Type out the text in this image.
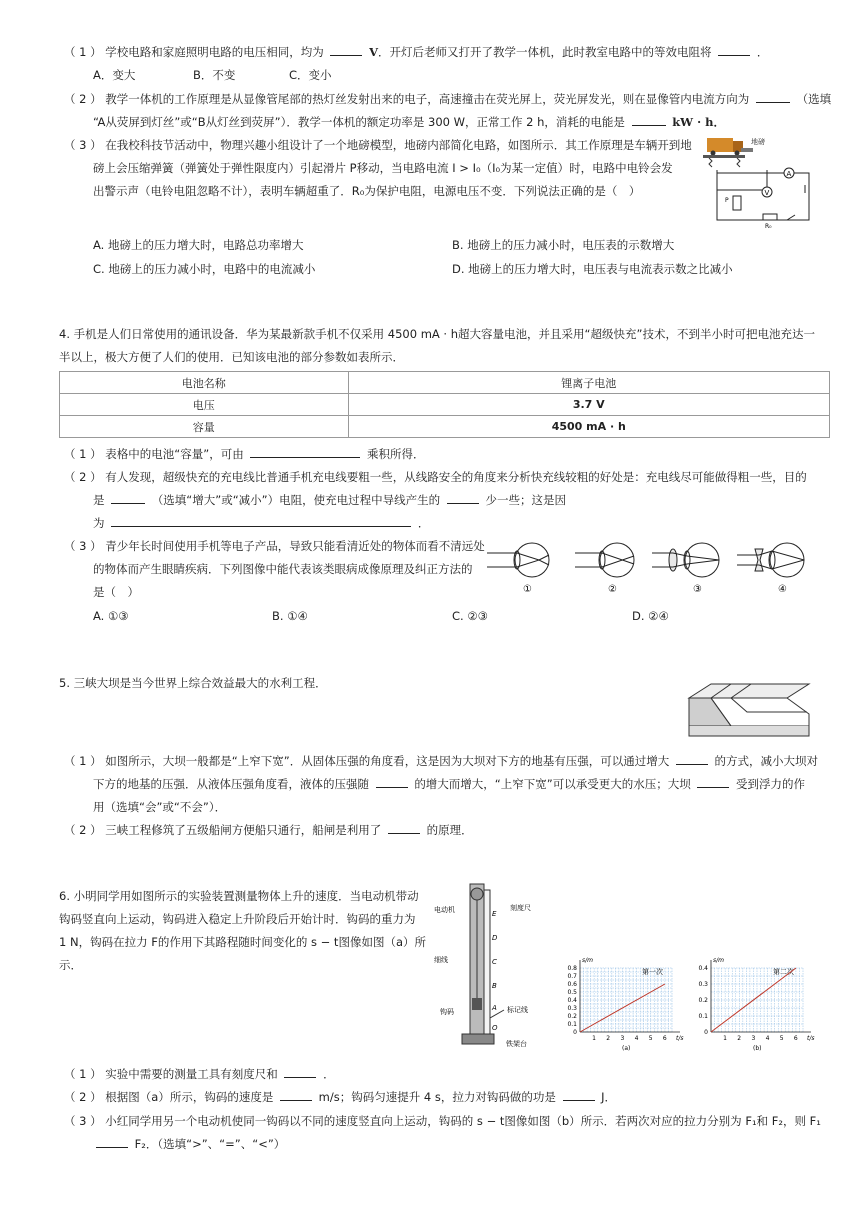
（ 1 ） 学校电路和家庭照明电路的电压相同，均为	V．开灯后老师又打开了教学一体机，此时教室电路中的等效电阻将	．
A．变大	B．不变	C．变小
（ 2 ） 教学一体机的工作原理是从显像管尾部的热灯丝发射出来的电子，高速撞击在荧光屏上，荧光屏发光，则在显像管内电流方向为	（选填
“A从荧屏到灯丝”或“B从灯丝到荧屏”）．教学一体机的额定功率是 300 W，正常工作 2 h，消耗的电能是	kW · h．
（ 3 ） 在我校科技节活动中，物理兴趣小组设计了一个地磅模型，地磅内部简化电路，如图所示．其工作原理是车辆开到地
磅上会压缩弹簧（弹簧处于弹性限度内）引起滑片 P移动，当电路电流 I > I₀（I₀为某一定值）时，电路中电铃会发
出警示声（电铃电阻忽略不计），表明车辆超重了．R₀为保护电阻，电源电压不变．下列说法正确的是（　）
地磅
A
V
P
R₀
A. 地磅上的压力增大时，电路总功率增大	B. 地磅上的压力减小时，电压表的示数增大
C. 地磅上的压力减小时，电路中的电流减小	D. 地磅上的压力增大时，电压表与电流表示数之比减小
4. 手机是人们日常使用的通讯设备．华为某最新款手机不仅采用 4500 mA · h超大容量电池，并且采用“超级快充”技术，不到半小时可把电池充达一
半以上，极大方便了人们的使用．已知该电池的部分参数如表所示．
电池名称	锂离子电池
电压	3.7 V
容量	4500 mA · h
（ 1 ） 表格中的电池“容量”，可由	乘积所得．
（ 2 ） 有人发现，超级快充的充电线比普通手机充电线要粗一些，从线路安全的角度来分析快充线较粗的好处是：充电线尽可能做得粗一些，目的
是	（选填“增大”或“减小”）电阻，使充电过程中导线产生的	少一些；这是因
为	．
（ 3 ） 青少年长时间使用手机等电子产品，导致只能看清近处的物体而看不清远处
的物体而产生眼睛疾病．下列图像中能代表该类眼病成像原理及纠正方法的
是（　）	①	②	③	④
A. ①③	B. ①④	C. ②③	D. ②④
5. 三峡大坝是当今世界上综合效益最大的水利工程．
（ 1 ） 如图所示，大坝一般都是“上窄下宽”．从固体压强的角度看，这是因为大坝对下方的地基有压强，可以通过增大	的方式，减小大坝对
下方的地基的压强．从液体压强角度看，液体的压强随	的增大而增大，“上窄下宽”可以承受更大的水压；大坝	受到浮力的作
用（选填“会”或“不会”）．
（ 2 ） 三峡工程修筑了五级船闸方便船只通行，船闸是利用了	的原理．
6. 小明同学用如图所示的实验装置测量物体上升的速度．当电动机带动
钩码竖直向上运动，钩码进入稳定上升阶段后开始计时．钩码的重力为
1 N，钩码在拉力 F的作用下其路程随时间变化的 s − t图像如图（a）所
示．
电动机	刻度尺
细线
钩码	标记线
铁架台
E
D
C
B
A
O
1 2 3 4 5 6
0
0.1
0.2
0.3
0.4
0.5
0.6
0.7
0.8
t/s
s/m
第一次
(a)
1 2 3 4 5 6
0
0.1
0.2
0.3
0.4
t/s
s/m
第二次
(b)
（ 1 ） 实验中需要的测量工具有刻度尺和	．
（ 2 ） 根据图（a）所示，钩码的速度是	m/s；钩码匀速提升 4 s，拉力对钩码做的功是	J．
（ 3 ） 小红同学用另一个电动机使同一钩码以不同的速度竖直向上运动，钩码的 s − t图像如图（b）所示．若两次对应的拉力分别为 F₁和 F₂，则 F₁
F₂．（选填“>”、“=”、“<”）
